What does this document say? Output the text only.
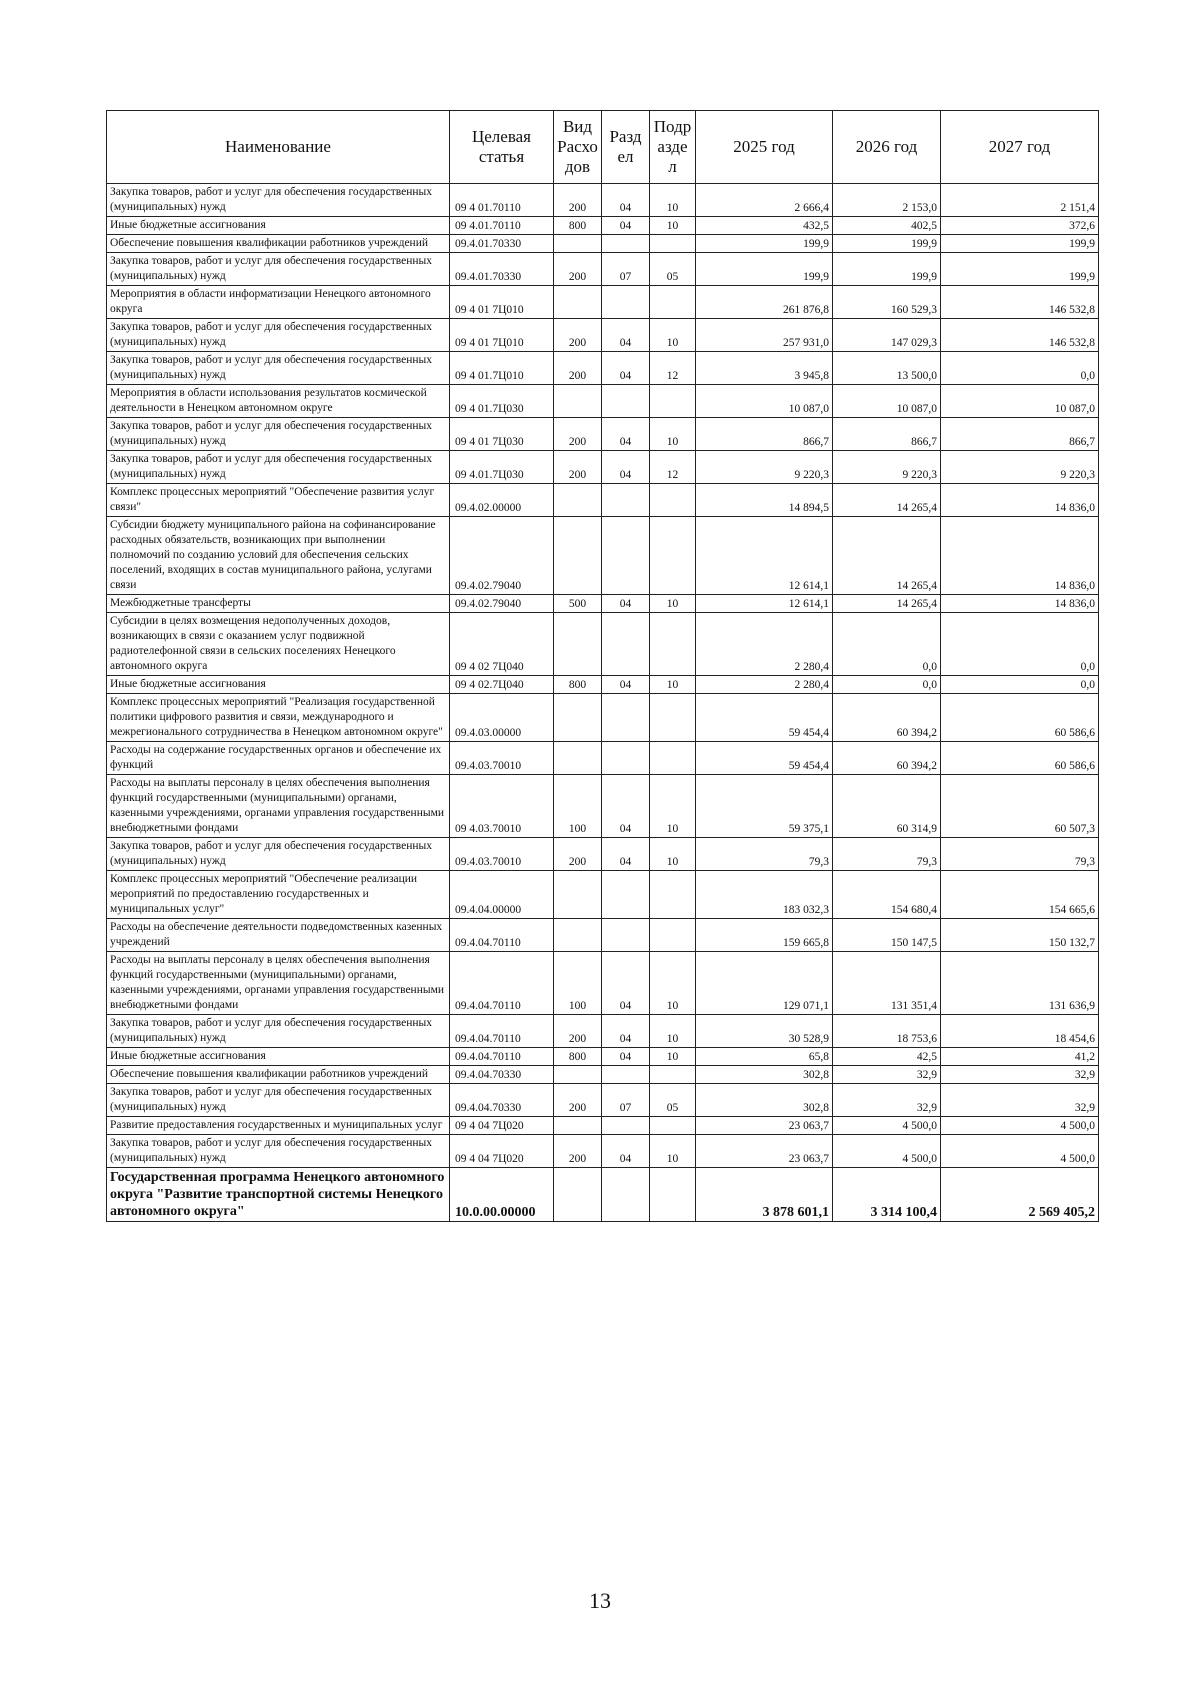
Наименование	Целевая статья	Вид Расхо дов	Разд ел	Подр азде л	2025 год	2026 год	2027 год
Закупка товаров, работ и услуг для обеспечения государственных (муниципальных) нужд	09 4 01.70110	200	04	10	2 666,4	2 153,0	2 151,4
Иные бюджетные ассигнования	09 4.01.70110	800	04	10	432,5	402,5	372,6
Обеспечение повышения квалификации работников учреждений	09.4.01.70330				199,9	199,9	199,9
Закупка товаров, работ и услуг для обеспечения государственных (муниципальных) нужд	09.4.01.70330	200	07	05	199,9	199,9	199,9
Мероприятия в области информатизации Ненецкого автономного округа	09 4 01 7Ц010				261 876,8	160 529,3	146 532,8
Закупка товаров, работ и услуг для обеспечения государственных (муниципальных) нужд	09 4 01 7Ц010	200	04	10	257 931,0	147 029,3	146 532,8
Закупка товаров, работ и услуг для обеспечения государственных (муниципальных) нужд	09 4 01.7Ц010	200	04	12	3 945,8	13 500,0	0,0
Мероприятия в области использования результатов космической деятельности в Ненецком автономном округе	09 4 01.7Ц030				10 087,0	10 087,0	10 087,0
Закупка товаров, работ и услуг для обеспечения государственных (муниципальных) нужд	09 4 01 7Ц030	200	04	10	866,7	866,7	866,7
Закупка товаров, работ и услуг для обеспечения государственных (муниципальных) нужд	09 4.01.7Ц030	200	04	12	9 220,3	9 220,3	9 220,3
Комплекс процессных мероприятий "Обеспечение развития услуг связи"	09.4.02.00000				14 894,5	14 265,4	14 836,0
Субсидии бюджету муниципального района на софинансирование расходных обязательств, возникающих при выполнении полномочий по созданию условий для обеспечения сельских поселений, входящих в состав муниципального района, услугами связи	09.4.02.79040				12 614,1	14 265,4	14 836,0
Межбюджетные трансферты	09.4.02.79040	500	04	10	12 614,1	14 265,4	14 836,0
Субсидии в целях возмещения недополученных доходов, возникающих в связи с оказанием услуг подвижной радиотелефонной связи в сельских поселениях Ненецкого автономного округа	09 4 02 7Ц040				2 280,4	0,0	0,0
Иные бюджетные ассигнования	09 4 02.7Ц040	800	04	10	2 280,4	0,0	0,0
Комплекс процессных мероприятий "Реализация государственной политики цифрового развития и связи, международного и межрегионального сотрудничества в Ненецком автономном округе"	09.4.03.00000				59 454,4	60 394,2	60 586,6
Расходы на содержание государственных органов и обеспечение их функций	09.4.03.70010				59 454,4	60 394,2	60 586,6
Расходы на выплаты персоналу в целях обеспечения выполнения функций государственными (муниципальными) органами, казенными учреждениями, органами управления государственными внебюджетными фондами	09 4.03.70010	100	04	10	59 375,1	60 314,9	60 507,3
Закупка товаров, работ и услуг для обеспечения государственных (муниципальных) нужд	09.4.03.70010	200	04	10	79,3	79,3	79,3
Комплекс процессных мероприятий "Обеспечение реализации мероприятий по предоставлению государственных и муниципальных услуг"	09.4.04.00000				183 032,3	154 680,4	154 665,6
Расходы на обеспечение деятельности подведомственных казенных учреждений	09.4.04.70110				159 665,8	150 147,5	150 132,7
Расходы на выплаты персоналу в целях обеспечения выполнения функций государственными (муниципальными) органами, казенными учреждениями, органами управления государственными внебюджетными фондами	09.4.04.70110	100	04	10	129 071,1	131 351,4	131 636,9
Закупка товаров, работ и услуг для обеспечения государственных (муниципальных) нужд	09.4.04.70110	200	04	10	30 528,9	18 753,6	18 454,6
Иные бюджетные ассигнования	09.4.04.70110	800	04	10	65,8	42,5	41,2
Обеспечение повышения квалификации работников учреждений	09.4.04.70330				302,8	32,9	32,9
Закупка товаров, работ и услуг для обеспечения государственных (муниципальных) нужд	09.4.04.70330	200	07	05	302,8	32,9	32,9
Развитие предоставления государственных и муниципальных услуг	09 4 04 7Ц020				23 063,7	4 500,0	4 500,0
Закупка товаров, работ и услуг для обеспечения государственных (муниципальных) нужд	09 4 04 7Ц020	200	04	10	23 063,7	4 500,0	4 500,0
Государственная программа Ненецкого автономного округа "Развитие транспортной системы Ненецкого автономного округа"	10.0.00.00000				3 878 601,1	3 314 100,4	2 569 405,2
13
